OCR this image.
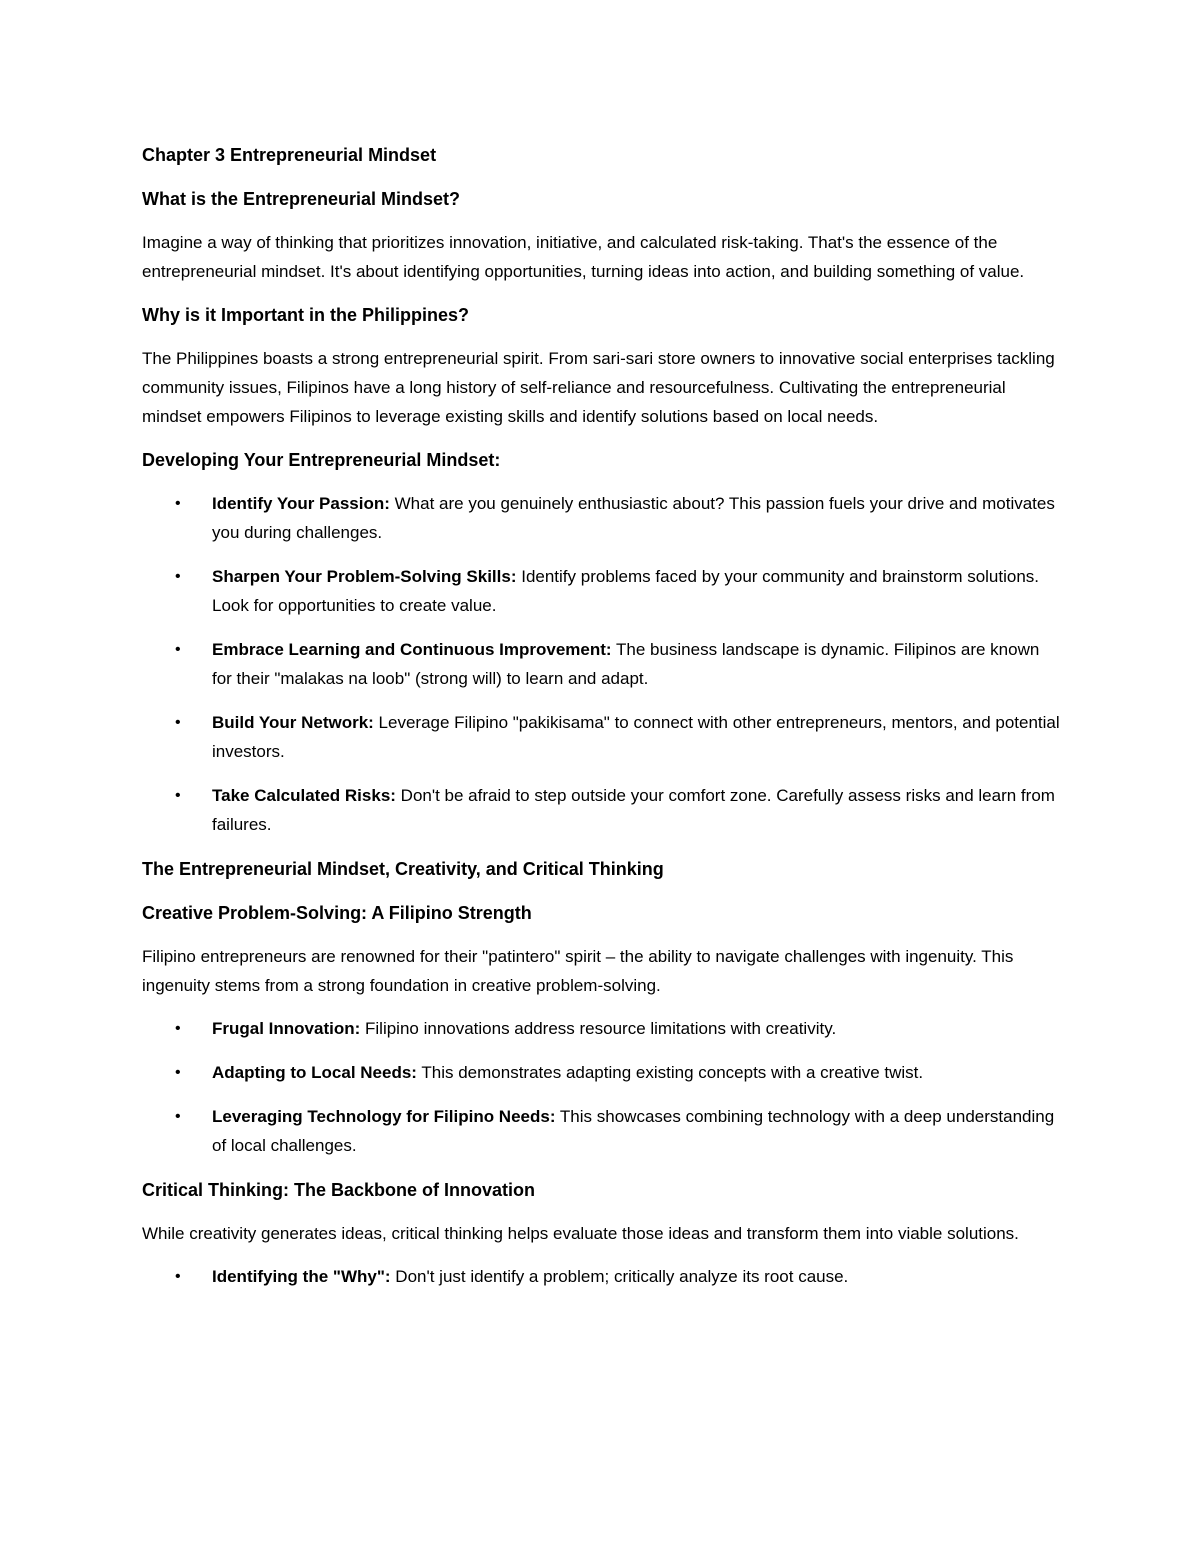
Chapter 3 Entrepreneurial Mindset
What is the Entrepreneurial Mindset?

Imagine a way of thinking that prioritizes innovation, initiative, and calculated risk-taking. That's the essence of the entrepreneurial mindset. It's about identifying opportunities, turning ideas into action, and building something of value.

Why is it Important in the Philippines?

The Philippines boasts a strong entrepreneurial spirit. From sari-sari store owners to innovative social enterprises tackling community issues, Filipinos have a long history of self-reliance and resourcefulness. Cultivating the entrepreneurial mindset empowers Filipinos to leverage existing skills and identify solutions based on local needs.

Developing Your Entrepreneurial Mindset:
• Identify Your Passion: What are you genuinely enthusiastic about? This passion fuels your drive and motivates you during challenges.
• Sharpen Your Problem-Solving Skills: Identify problems faced by your community and brainstorm solutions. Look for opportunities to create value.
• Embrace Learning and Continuous Improvement: The business landscape is dynamic. Filipinos are known for their "malakas na loob" (strong will) to learn and adapt.
• Build Your Network: Leverage Filipino "pakikisama" to connect with other entrepreneurs, mentors, and potential investors.
• Take Calculated Risks: Don't be afraid to step outside your comfort zone. Carefully assess risks and learn from failures.
The Entrepreneurial Mindset, Creativity, and Critical Thinking
Creative Problem-Solving: A Filipino Strength

Filipino entrepreneurs are renowned for their "patintero" spirit – the ability to navigate challenges with ingenuity. This ingenuity stems from a strong foundation in creative problem-solving.

• Frugal Innovation: Filipino innovations address resource limitations with creativity.
• Adapting to Local Needs: This demonstrates adapting existing concepts with a creative twist.
• Leveraging Technology for Filipino Needs: This showcases combining technology with a deep understanding of local challenges.
Critical Thinking: The Backbone of Innovation

While creativity generates ideas, critical thinking helps evaluate those ideas and transform them into viable solutions.

• Identifying the "Why": Don't just identify a problem; critically analyze its root cause.
